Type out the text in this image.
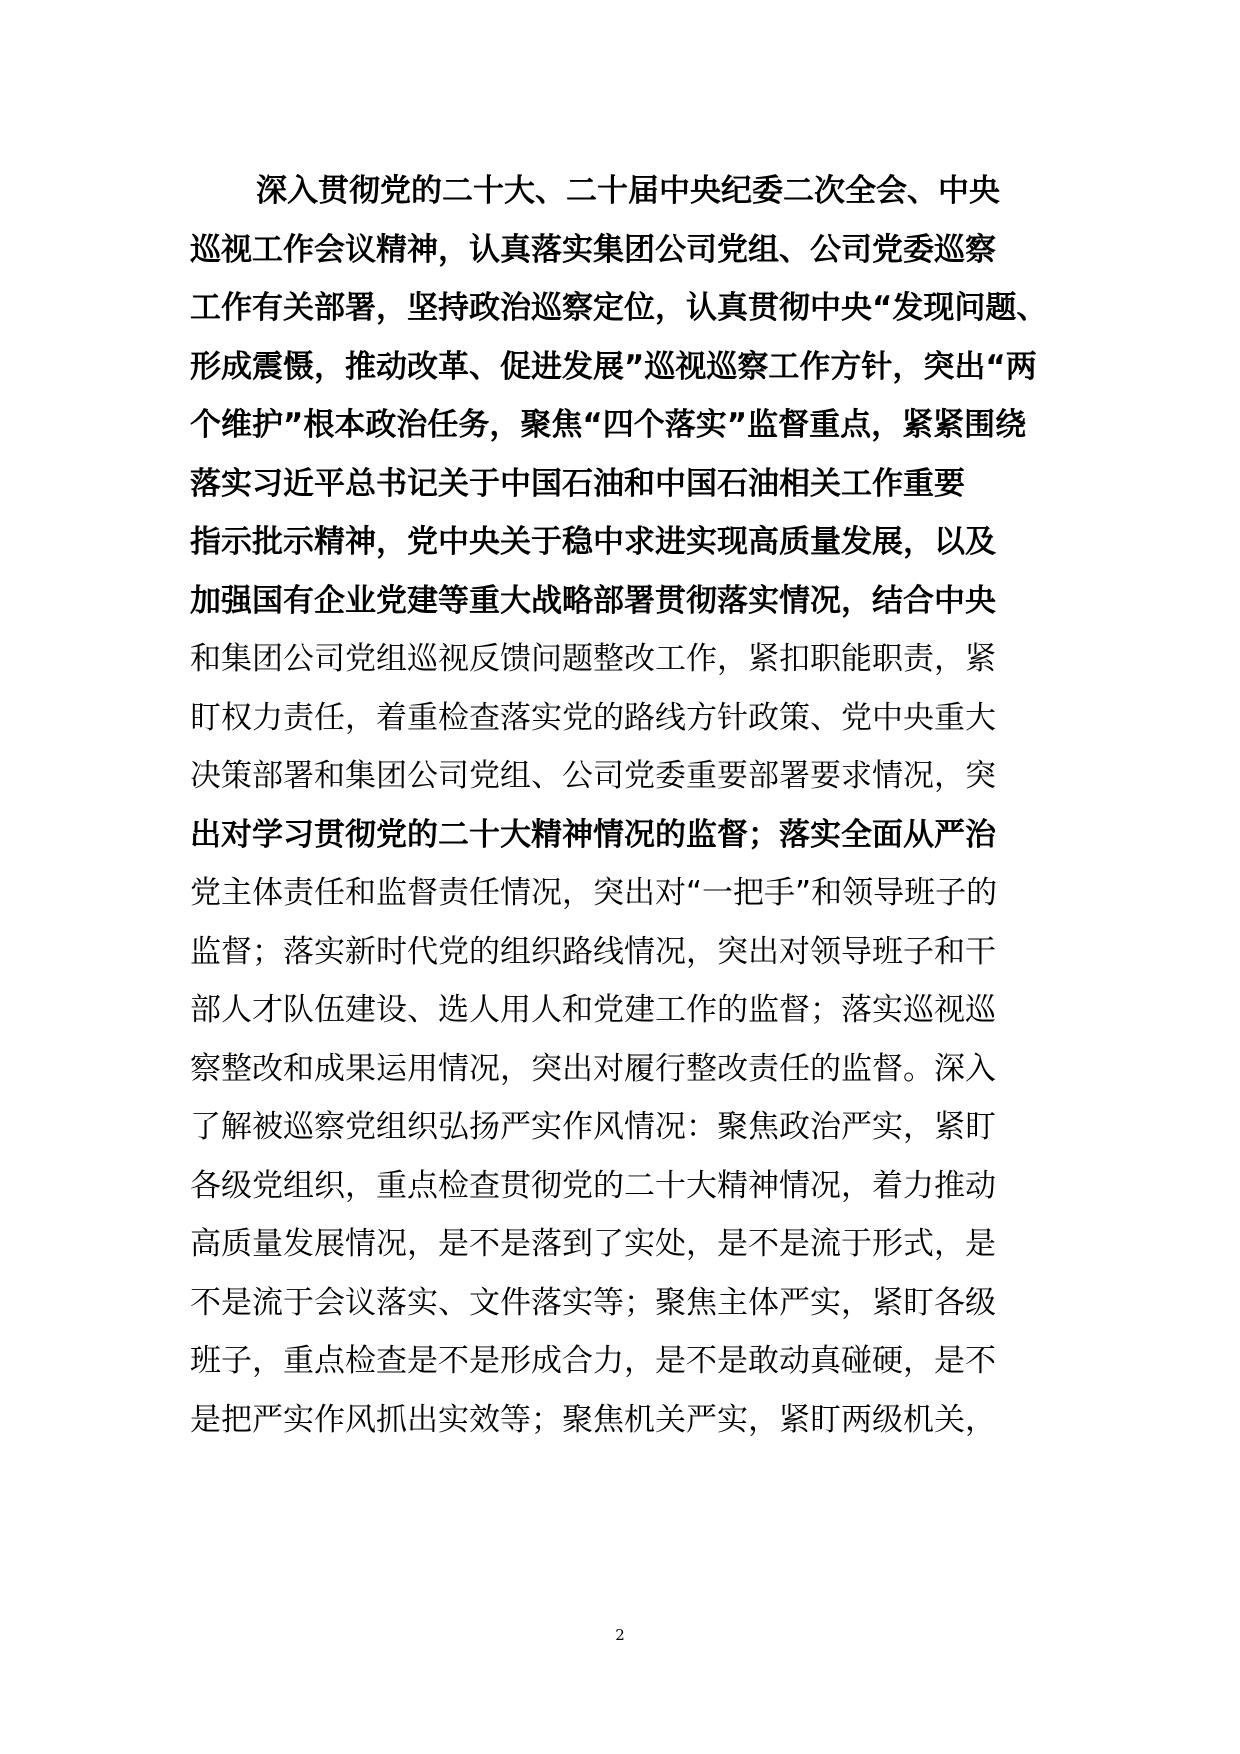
深入贯彻党的二十大、二十届中央纪委二次全会、中央
巡视工作会议精神，认真落实集团公司党组、公司党委巡察
工作有关部署，坚持政治巡察定位，认真贯彻中央“发现问题、
形成震慑，推动改革、促进发展”巡视巡察工作方针，突出“两
个维护”根本政治任务，聚焦“四个落实”监督重点，紧紧围绕
落实习近平总书记关于中国石油和中国石油相关工作重要
指示批示精神，党中央关于稳中求进实现高质量发展，以及
加强国有企业党建等重大战略部署贯彻落实情况，结合中央
和集团公司党组巡视反馈问题整改工作，紧扣职能职责，紧
盯权力责任，着重检查落实党的路线方针政策、党中央重大
决策部署和集团公司党组、公司党委重要部署要求情况，突
出对学习贯彻党的二十大精神情况的监督；落实全面从严治
党主体责任和监督责任情况，突出对“一把手”和领导班子的
监督；落实新时代党的组织路线情况，突出对领导班子和干
部人才队伍建设、选人用人和党建工作的监督；落实巡视巡
察整改和成果运用情况，突出对履行整改责任的监督。深入
了解被巡察党组织弘扬严实作风情况：聚焦政治严实，紧盯
各级党组织，重点检查贯彻党的二十大精神情况，着力推动
高质量发展情况，是不是落到了实处，是不是流于形式，是
不是流于会议落实、文件落实等；聚焦主体严实，紧盯各级
班子，重点检查是不是形成合力，是不是敢动真碰硬，是不
是把严实作风抓出实效等；聚焦机关严实，紧盯两级机关，
2
